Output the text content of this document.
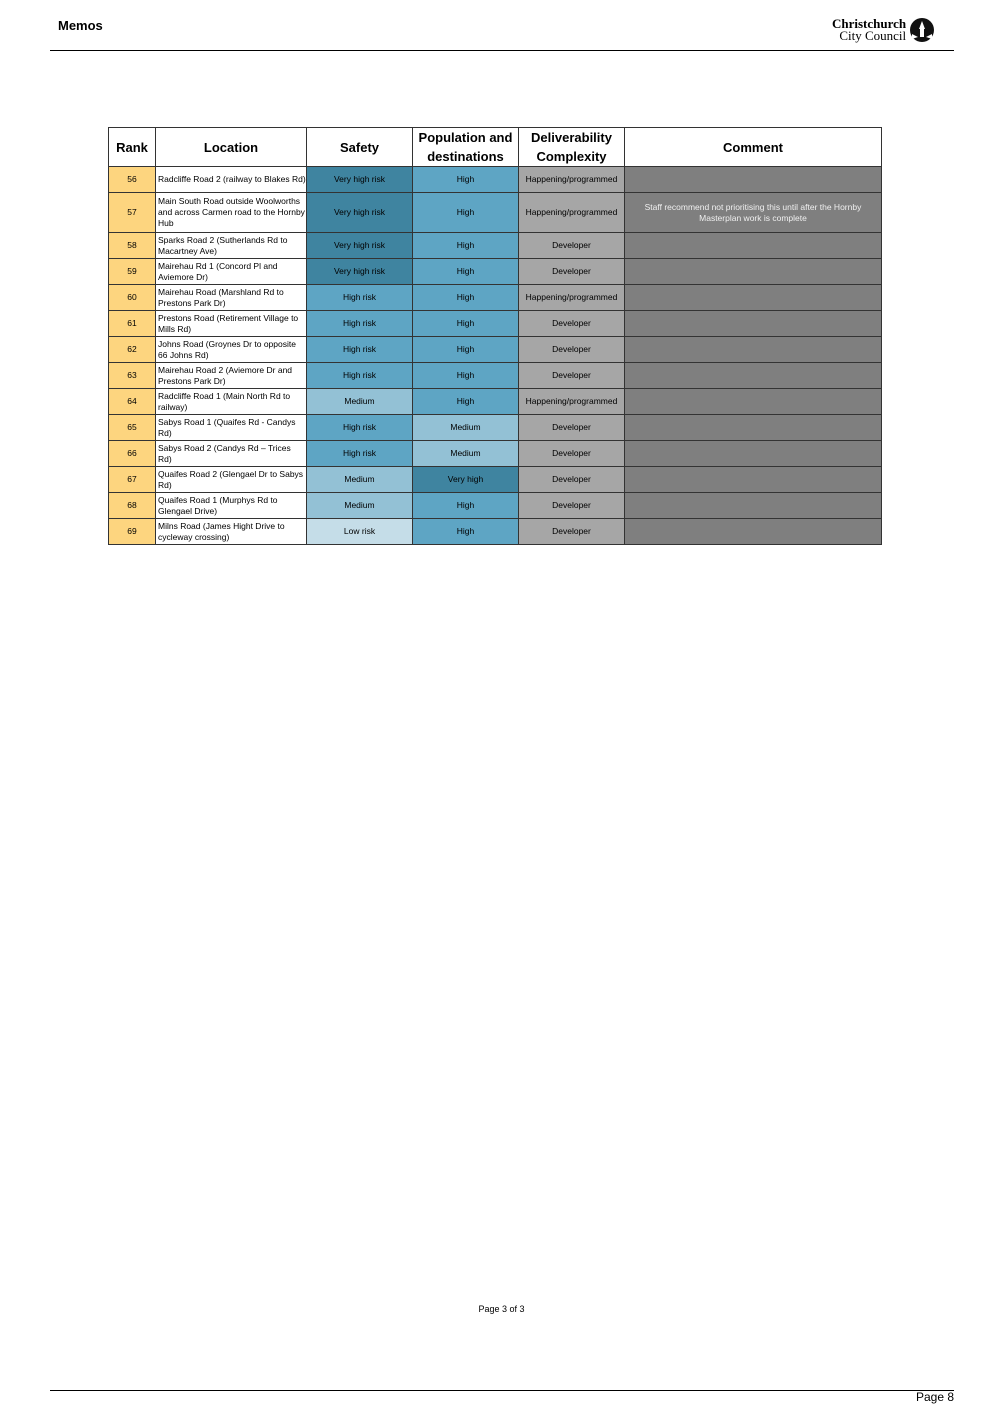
Memos	Christchurch
City Council
Rank	Location	Safety	Population and destinations	Deliverability Complexity	Comment
56	Radcliffe Road 2 (railway to Blakes Rd)	Very high risk	High	Happening/programmed	
57	Main South Road outside Woolworths and across Carmen road to the Hornby Hub	Very high risk	High	Happening/programmed	Staff recommend not prioritising this until after the Hornby Masterplan work is complete
58	Sparks Road 2 (Sutherlands Rd to Macartney Ave)	Very high risk	High	Developer	
59	Mairehau Rd 1 (Concord Pl and Aviemore Dr)	Very high risk	High	Developer	
60	Mairehau Road (Marshland Rd to Prestons Park Dr)	High risk	High	Happening/programmed	
61	Prestons Road (Retirement Village to Mills Rd)	High risk	High	Developer	
62	Johns Road (Groynes Dr to opposite 66 Johns Rd)	High risk	High	Developer	
63	Mairehau Road 2 (Aviemore Dr and Prestons Park Dr)	High risk	High	Developer	
64	Radcliffe Road 1 (Main North Rd to railway)	Medium	High	Happening/programmed	
65	Sabys Road 1 (Quaifes Rd - Candys Rd)	High risk	Medium	Developer	
66	Sabys Road 2 (Candys Rd – Trices Rd)	High risk	Medium	Developer	
67	Quaifes Road 2 (Glengael Dr to Sabys Rd)	Medium	Very high	Developer	
68	Quaifes Road 1 (Murphys Rd to Glengael Drive)	Medium	High	Developer	
69	Milns Road (James Hight Drive to cycleway crossing)	Low risk	High	Developer	
Page 3 of 3
Page 8
